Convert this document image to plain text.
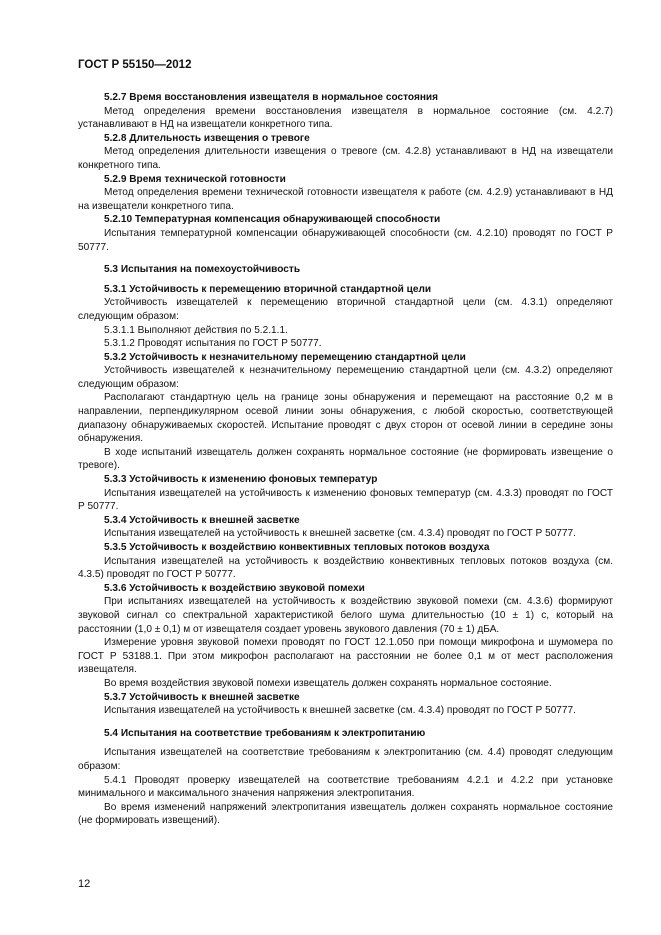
ГОСТ Р 55150—2012

5.2.7 Время восстановления извещателя в нормальное состояния

Метод определения времени восстановления извещателя в нормальное состояние (см. 4.2.7) устанавливают в НД на извещатели конкретного типа.

5.2.8 Длительность извещения о тревоге

Метод определения длительности извещения о тревоге (см. 4.2.8) устанавливают в НД на извещатели конкретного типа.

5.2.9 Время технической готовности

Метод определения времени технической готовности извещателя к работе (см. 4.2.9) устанавливают в НД на извещатели конкретного типа.

5.2.10 Температурная компенсация обнаруживающей способности

Испытания температурной компенсации обнаруживающей способности (см. 4.2.10) проводят по ГОСТ Р 50777.

5.3 Испытания на помехоустойчивость

5.3.1 Устойчивость к перемещению вторичной стандартной цели

Устойчивость извещателей к перемещению вторичной стандартной цели (см. 4.3.1) определяют следующим образом:

5.3.1.1 Выполняют действия по 5.2.1.1.

5.3.1.2 Проводят испытания по ГОСТ Р 50777.

5.3.2 Устойчивость к незначительному перемещению стандартной цели

Устойчивость извещателей к незначительному перемещению стандартной цели (см. 4.3.2) определяют следующим образом:

Располагают стандартную цель на границе зоны обнаружения и перемещают на расстояние 0,2 м в направлении, перпендикулярном осевой линии зоны обнаружения, с любой скоростью, соответствующей диапазону обнаруживаемых скоростей. Испытание проводят с двух сторон от осевой линии в середине зоны обнаружения.

В ходе испытаний извещатель должен сохранять нормальное состояние (не формировать извещение о тревоге).

5.3.3 Устойчивость к изменению фоновых температур

Испытания извещателей на устойчивость к изменению фоновых температур (см. 4.3.3) проводят по ГОСТ Р 50777.

5.3.4 Устойчивость к внешней засветке

Испытания извещателей на устойчивость к внешней засветке (см. 4.3.4) проводят по ГОСТ Р 50777.

5.3.5 Устойчивость к воздействию конвективных тепловых потоков воздуха

Испытания извещателей на устойчивость к воздействию конвективных тепловых потоков воздуха (см. 4.3.5) проводят по ГОСТ Р 50777.

5.3.6 Устойчивость к воздействию звуковой помехи

При испытаниях извещателей на устойчивость к воздействию звуковой помехи (см. 4.3.6) формируют звуковой сигнал со спектральной характеристикой белого шума длительностью (10 ± 1) с, который на расстоянии (1,0 ± 0,1) м от извещателя создает уровень звукового давления (70 ± 1) дБА.

Измерение уровня звуковой помехи проводят по ГОСТ 12.1.050 при помощи микрофона и шумомера по ГОСТ Р 53188.1. При этом микрофон располагают на расстоянии не более 0,1 м от мест расположения извещателя.

Во время воздействия звуковой помехи извещатель должен сохранять нормальное состояние.

5.3.7 Устойчивость к внешней засветке

Испытания извещателей на устойчивость к внешней засветке (см. 4.3.4) проводят по ГОСТ Р 50777.

5.4 Испытания на соответствие требованиям к электропитанию

Испытания извещателей на соответствие требованиям к электропитанию (см. 4.4) проводят следующим образом:

5.4.1 Проводят проверку извещателей на соответствие требованиям 4.2.1 и 4.2.2 при установке минимального и максимального значения напряжения электропитания.

Во время изменений напряжений электропитания извещатель должен сохранять нормальное состояние (не формировать извещений).

12
